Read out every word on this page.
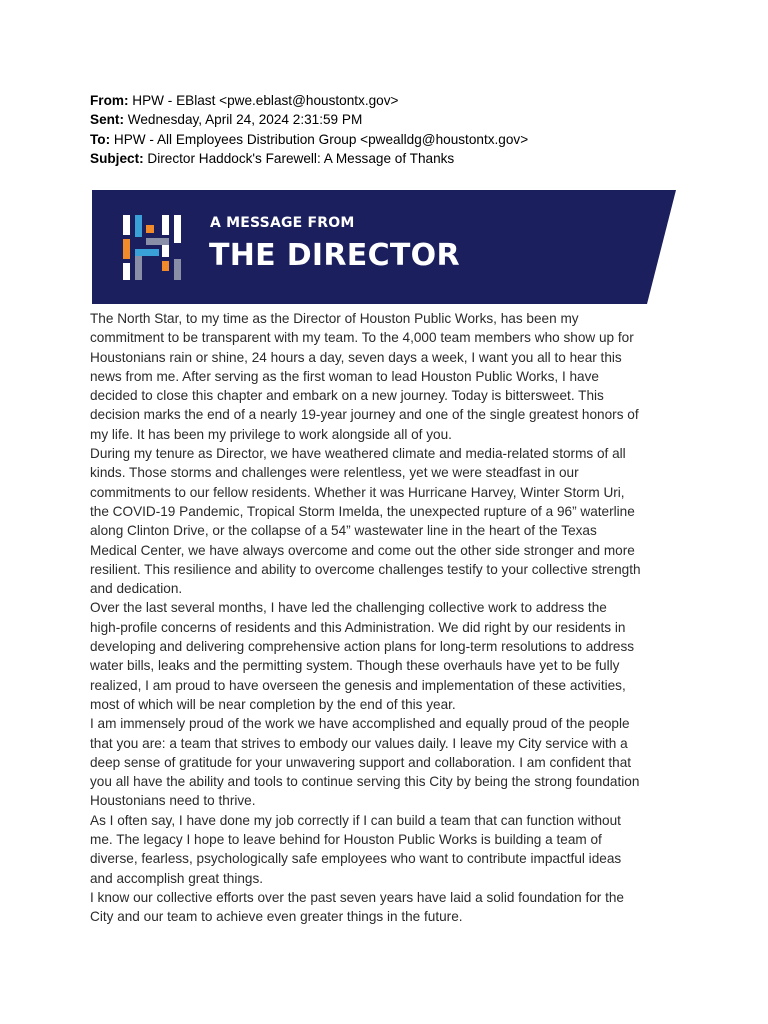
From: HPW - EBlast <pwe.eblast@houstontx.gov>
Sent: Wednesday, April 24, 2024 2:31:59 PM
To: HPW - All Employees Distribution Group <pwealldg@houstontx.gov>
Subject: Director Haddock's Farewell: A Message of Thanks
A MESSAGE FROM
THE DIRECTOR

The North Star, to my time as the Director of Houston Public Works, has been my

commitment to be transparent with my team. To the 4,000 team members who show up for

Houstonians rain or shine, 24 hours a day, seven days a week, I want you all to hear this

news from me. After serving as the first woman to lead Houston Public Works, I have

decided to close this chapter and embark on a new journey. Today is bittersweet. This

decision marks the end of a nearly 19-year journey and one of the single greatest honors of

my life. It has been my privilege to work alongside all of you.

During my tenure as Director, we have weathered climate and media-related storms of all

kinds. Those storms and challenges were relentless, yet we were steadfast in our

commitments to our fellow residents. Whether it was Hurricane Harvey, Winter Storm Uri,

the COVID-19 Pandemic, Tropical Storm Imelda, the unexpected rupture of a 96” waterline

along Clinton Drive, or the collapse of a 54” wastewater line in the heart of the Texas

Medical Center, we have always overcome and come out the other side stronger and more

resilient. This resilience and ability to overcome challenges testify to your collective strength

and dedication.

Over the last several months, I have led the challenging collective work to address the

high-profile concerns of residents and this Administration. We did right by our residents in

developing and delivering comprehensive action plans for long-term resolutions to address

water bills, leaks and the permitting system. Though these overhauls have yet to be fully

realized, I am proud to have overseen the genesis and implementation of these activities,

most of which will be near completion by the end of this year.

I am immensely proud of the work we have accomplished and equally proud of the people

that you are: a team that strives to embody our values daily. I leave my City service with a

deep sense of gratitude for your unwavering support and collaboration. I am confident that

you all have the ability and tools to continue serving this City by being the strong foundation

Houstonians need to thrive.

As I often say, I have done my job correctly if I can build a team that can function without

me. The legacy I hope to leave behind for Houston Public Works is building a team of

diverse, fearless, psychologically safe employees who want to contribute impactful ideas

and accomplish great things.

I know our collective efforts over the past seven years have laid a solid foundation for the

City and our team to achieve even greater things in the future.
